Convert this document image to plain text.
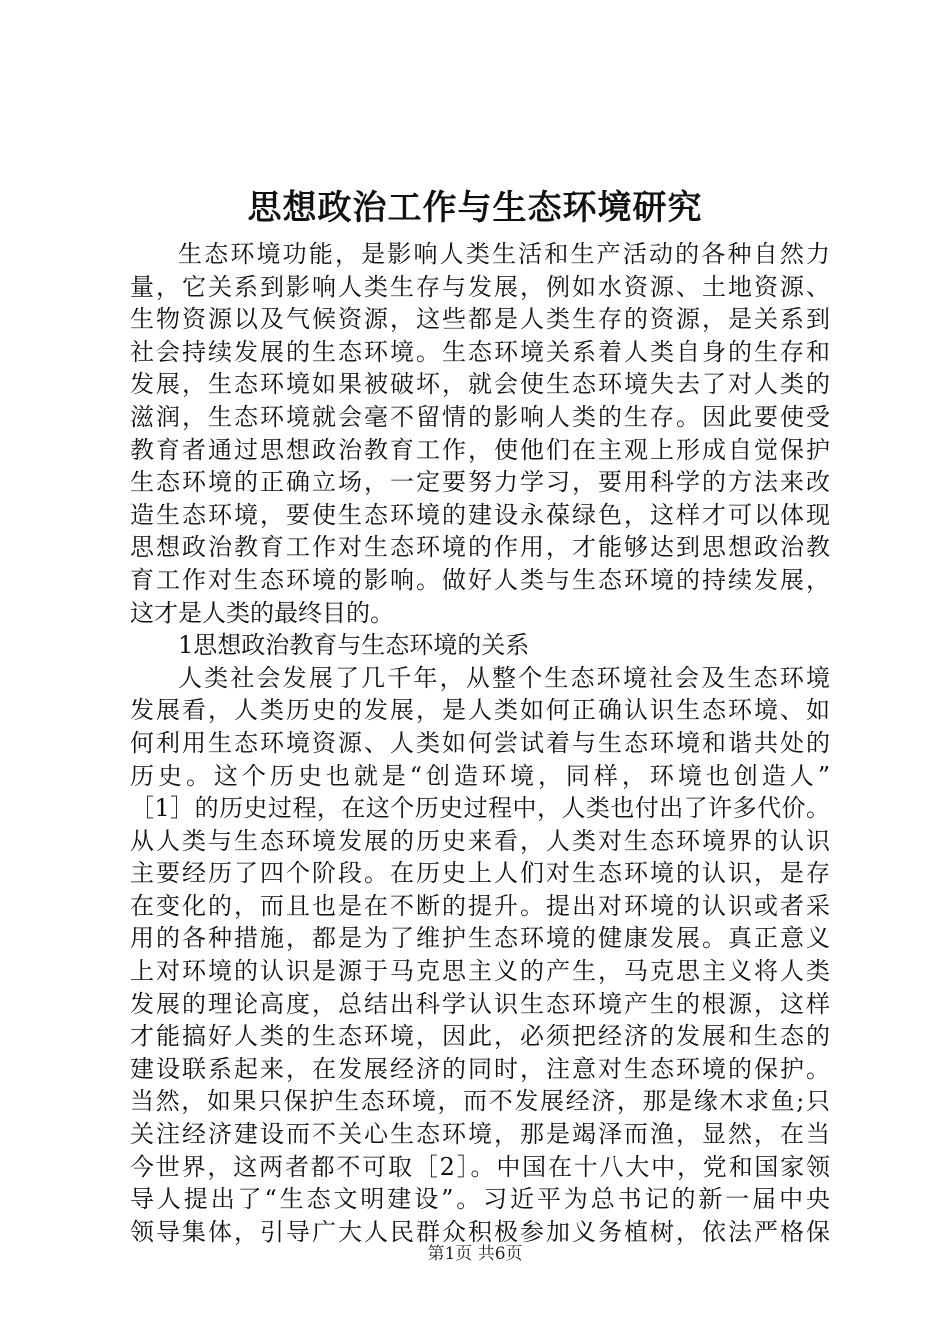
思想政治工作与生态环境研究
生态环境功能，是影响人类生活和生产活动的各种自然力
量，它关系到影响人类生存与发展，例如水资源、土地资源、
生物资源以及气候资源，这些都是人类生存的资源，是关系到
社会持续发展的生态环境。生态环境关系着人类自身的生存和
发展，生态环境如果被破坏，就会使生态环境失去了对人类的
滋润，生态环境就会毫不留情的影响人类的生存。因此要使受
教育者通过思想政治教育工作，使他们在主观上形成自觉保护
生态环境的正确立场，一定要努力学习，要用科学的方法来改
造生态环境，要使生态环境的建设永葆绿色，这样才可以体现
思想政治教育工作对生态环境的作用，才能够达到思想政治教
育工作对生态环境的影响。做好人类与生态环境的持续发展，
这才是人类的最终目的。
1思想政治教育与生态环境的关系
人类社会发展了几千年，从整个生态环境社会及生态环境
发展看，人类历史的发展，是人类如何正确认识生态环境、如
何利用生态环境资源、人类如何尝试着与生态环境和谐共处的
历史。这个历史也就是“创造环境，同样，环境也创造人”
［1］的历史过程，在这个历史过程中，人类也付出了许多代价。
从人类与生态环境发展的历史来看，人类对生态环境界的认识
主要经历了四个阶段。在历史上人们对生态环境的认识，是存
在变化的，而且也是在不断的提升。提出对环境的认识或者采
用的各种措施，都是为了维护生态环境的健康发展。真正意义
上对环境的认识是源于马克思主义的产生，马克思主义将人类
发展的理论高度，总结出科学认识生态环境产生的根源，这样
才能搞好人类的生态环境，因此，必须把经济的发展和生态的
建设联系起来，在发展经济的同时，注意对生态环境的保护。
当然，如果只保护生态环境，而不发展经济，那是缘木求鱼;只
关注经济建设而不关心生态环境，那是竭泽而渔，显然，在当
今世界，这两者都不可取［2］。中国在十八大中，党和国家领
导人提出了“生态文明建设”。习近平为总书记的新一届中央
领导集体，引导广大人民群众积极参加义务植树，依法严格保
第1页 共6页
